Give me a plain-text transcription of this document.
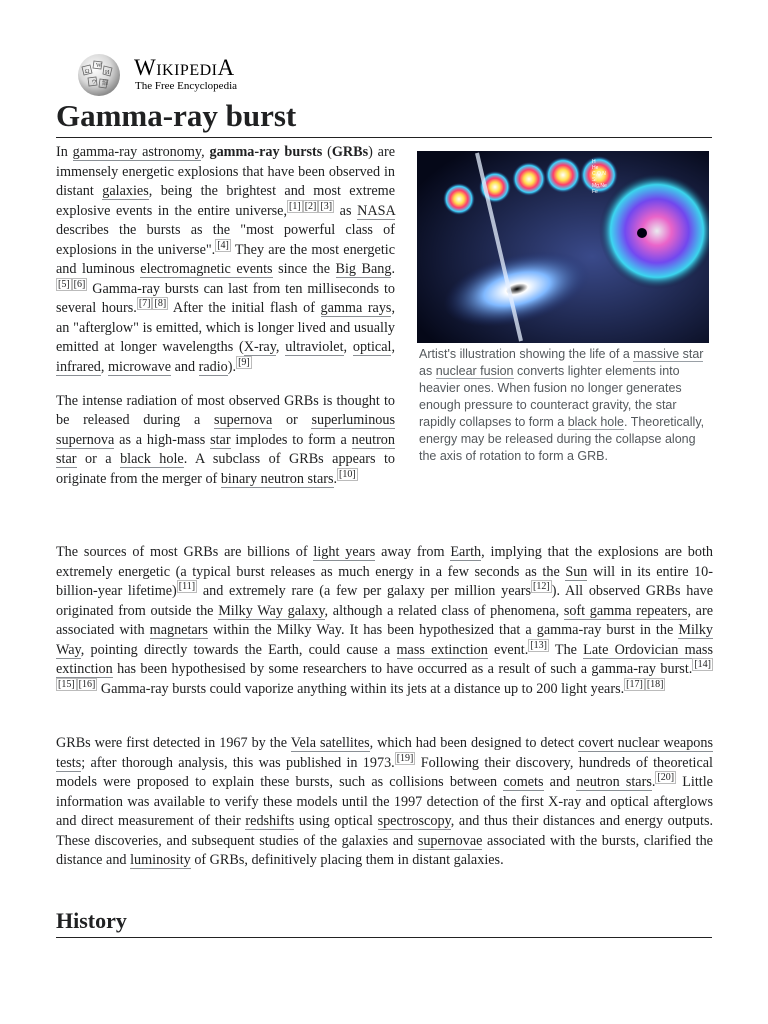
Ω
W
И
ウ 維
WikipediA
The Free Encyclopedia
Gamma-ray burst
H
He
C,O,N
Si
Mg,Ne
Fe
Artist's illustration showing the life of a massive star as nuclear fusion converts lighter elements into heavier ones. When fusion no longer generates enough pressure to counteract gravity, the star rapidly collapses to form a black hole. Theoretically, energy may be released during the collapse along the axis of rotation to form a GRB.

In gamma-ray astronomy, gamma-ray bursts (GRBs) are immensely energetic explosions that have been observed in distant galaxies, being the brightest and most extreme explosive events in the entire universe, [1] [2] [3] as NASA describes the bursts as the "most powerful class of explosions in the universe". [4] They are the most energetic and luminous electromagnetic events since the Big Bang.[5] [6] Gamma-ray bursts can last from ten milliseconds to several hours. [7] [8] After the initial flash of gamma rays, an "afterglow" is emitted, which is longer lived and usually emitted at longer wavelengths (X-ray, ultraviolet, optical, infrared, microwave and radio). [9]

The intense radiation of most observed GRBs is thought to be released during a supernova or superluminous supernova as a high-mass star implodes to form a neutron star or a black hole. A subclass of GRBs appears to originate from the merger of binary neutron stars. [10]

The sources of most GRBs are billions of light years away from Earth, implying that the explosions are both extremely energetic (a typical burst releases as much energy in a few seconds as the Sun will in its entire 10-billion-year lifetime) [11] and extremely rare (a few per galaxy per million years [12] ). All observed GRBs have originated from outside the Milky Way galaxy, although a related class of phenomena, soft gamma repeaters, are associated with magnetars within the Milky Way. It has been hypothesized that a gamma-ray burst in the Milky Way, pointing directly towards the Earth, could cause a mass extinction event. [13] The Late Ordovician mass extinction has been hypothesised by some researchers to have occurred as a result of such a gamma-ray burst. [14][15] [16] Gamma-ray bursts could vaporize anything within its jets at a distance up to 200 light years. [17] [18]
GRBs were first detected in 1967 by the Vela satellites, which had been designed to detect covert nuclear weapons tests; after thorough analysis, this was published in 1973. [19] Following their discovery, hundreds of theoretical models were proposed to explain these bursts, such as collisions between comets and neutron stars. [20] Little information was available to verify these models until the 1997 detection of the first X-ray and optical afterglows and direct measurement of their redshifts using optical spectroscopy, and thus their distances and energy outputs. These discoveries, and subsequent studies of the galaxies and supernovae associated with the bursts, clarified the distance and luminosity of GRBs, definitively placing them in distant galaxies.
History
